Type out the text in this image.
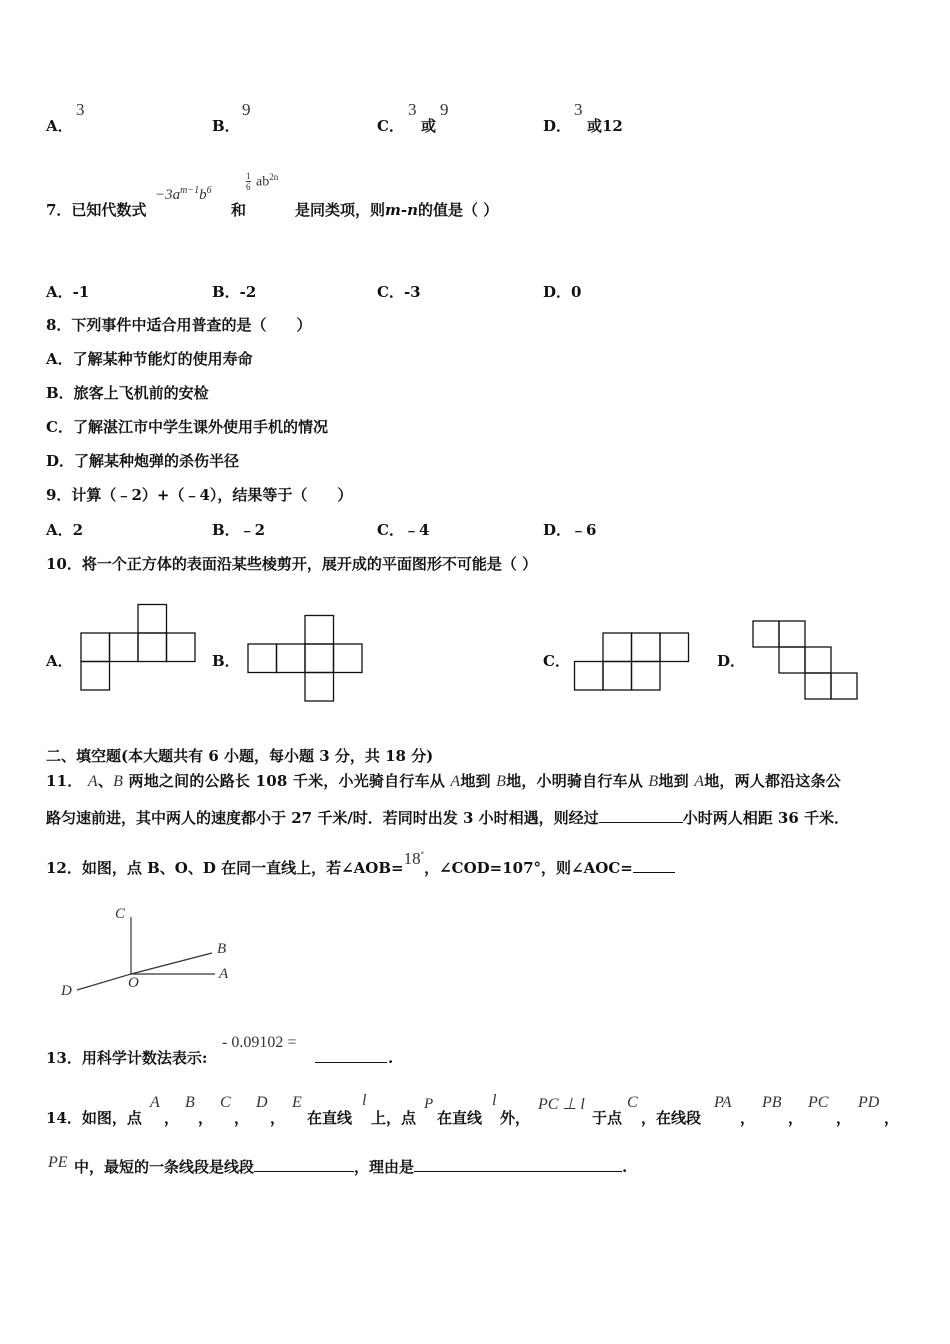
A．
3
B．
9
C．
3
或
9
D．
3
或12
7．已知代数式
$-3a^{m-1}b^6$
和
1
6 $ab^{2n}$
是同类项，则m-n的值是（ ）
A．-1	B．-2	C．-3	D．0
8．下列事件中适合用普查的是（　　）
A．了解某种节能灯的使用寿命
B．旅客上飞机前的安检
C．了解湛江市中学生课外使用手机的情况
D．了解某种炮弹的杀伤半径
9．计算（﹣2）+（﹣4），结果等于（　　）
A．2	B．﹣2	C．﹣4	D．﹣6
10．将一个正方体的表面沿某些棱剪开，展开成的平面图形不可能是（ ）
A．	B．	C．	D．
二、填空题(本大题共有 6 小题，每小题 3 分，共 18 分)
11． A、B 两地之间的公路长 108 千米，小光骑自行车从 A地到 B地，小明骑自行车从 B地到 A地，两人都沿这条公
路匀速前进，其中两人的速度都小于 27 千米/时．若同时出发 3 小时相遇，则经过	小时两人相距 36 千米．
12．如图，点 B、O、D 在同一直线上，若∠AOB=18°，∠COD=107°，则∠AOC=
C
B
D	O
A
13．用科学计数法表示:
- 0.09102 =
.
14．如图，点
A
，
B
，
C
，
D
，
E
在直线
l
上，点
P
在直线
l
外，
PC ⊥ l
于点
C
，在线段
PA
，
PB
，
PC
，
PD
，
PE 中，最短的一条线段是线段	，理由是	.
